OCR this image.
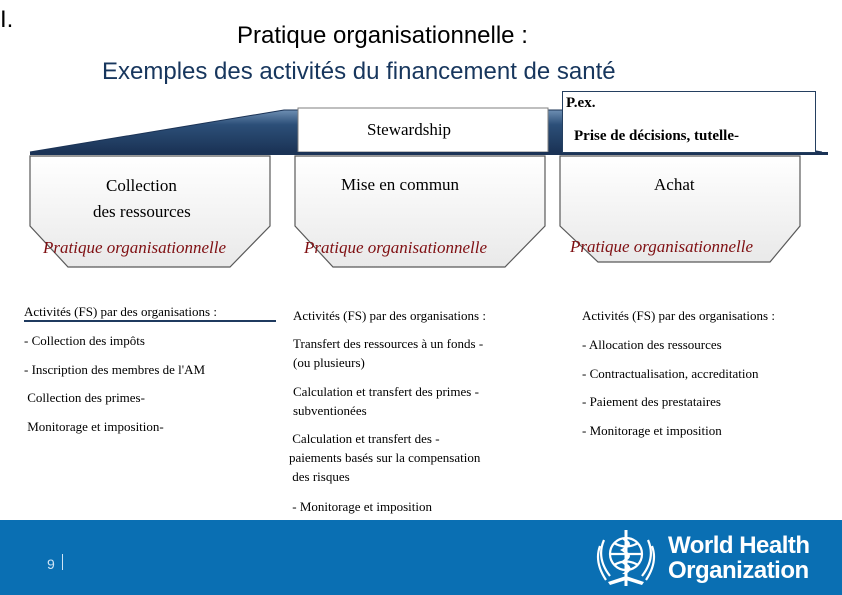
I.
Pratique organisationnelle :
Exemples des activités du financement de santé
Stewardship
P.ex.
Prise de décisions, tutelle-
Collection
des ressources
Mise en commun	Achat
Pratique organisationnelle	Pratique organisationnelle	Pratique organisationnelle
Activités (FS) par des organisations :
- Collection des impôts
- Inscription des membres de l'AM
Collection des primes-
Monitorage et imposition-
Activités (FS) par des organisations :
Transfert des ressources à un fonds -
(ou plusieurs)
Calculation et transfert des primes -
subventionées
Calculation et transfert des -
paiements basés sur la compensation
des risques
- Monitorage et imposition
Activités (FS) par des organisations :
- Allocation des ressources
- Contractualisation, accreditation
- Paiement des prestataires
- Monitorage et imposition
9
World Health
Organization
